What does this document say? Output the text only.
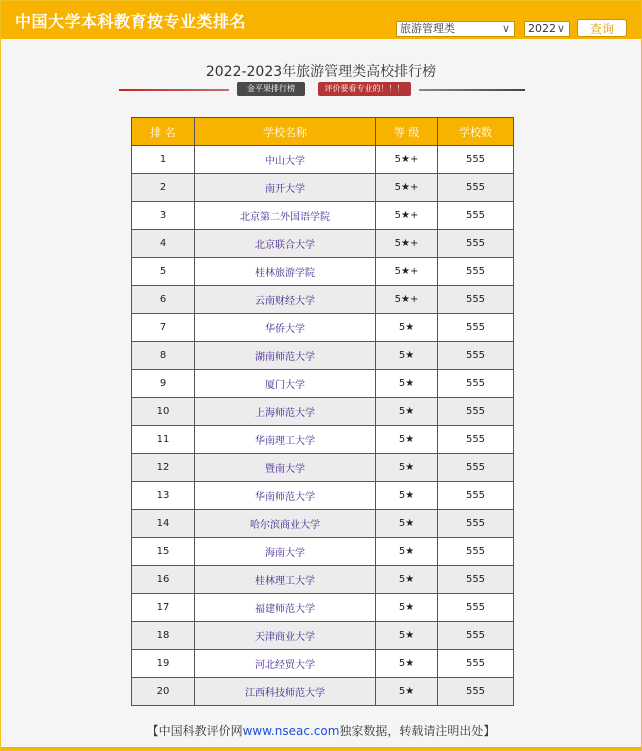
中国大学本科教育按专业类排名	旅游管理类	∨	2022 ∨	查询
2022-2023年旅游管理类高校排行榜
金平果排行榜	评价要看专业的！！！
排 名	学校名称	等 级	学校数
1	中山大学	5★+	555
2	南开大学	5★+	555
3	北京第二外国语学院	5★+	555
4	北京联合大学	5★+	555
5	桂林旅游学院	5★+	555
6	云南财经大学	5★+	555
7	华侨大学	5★	555
8	湖南师范大学	5★	555
9	厦门大学	5★	555
10	上海师范大学	5★	555
11	华南理工大学	5★	555
12	暨南大学	5★	555
13	华南师范大学	5★	555
14	哈尔滨商业大学	5★	555
15	海南大学	5★	555
16	桂林理工大学	5★	555
17	福建师范大学	5★	555
18	天津商业大学	5★	555
19	河北经贸大学	5★	555
20	江西科技师范大学	5★	555
【中国科教评价网www.nseac.com独家数据，转载请注明出处】
